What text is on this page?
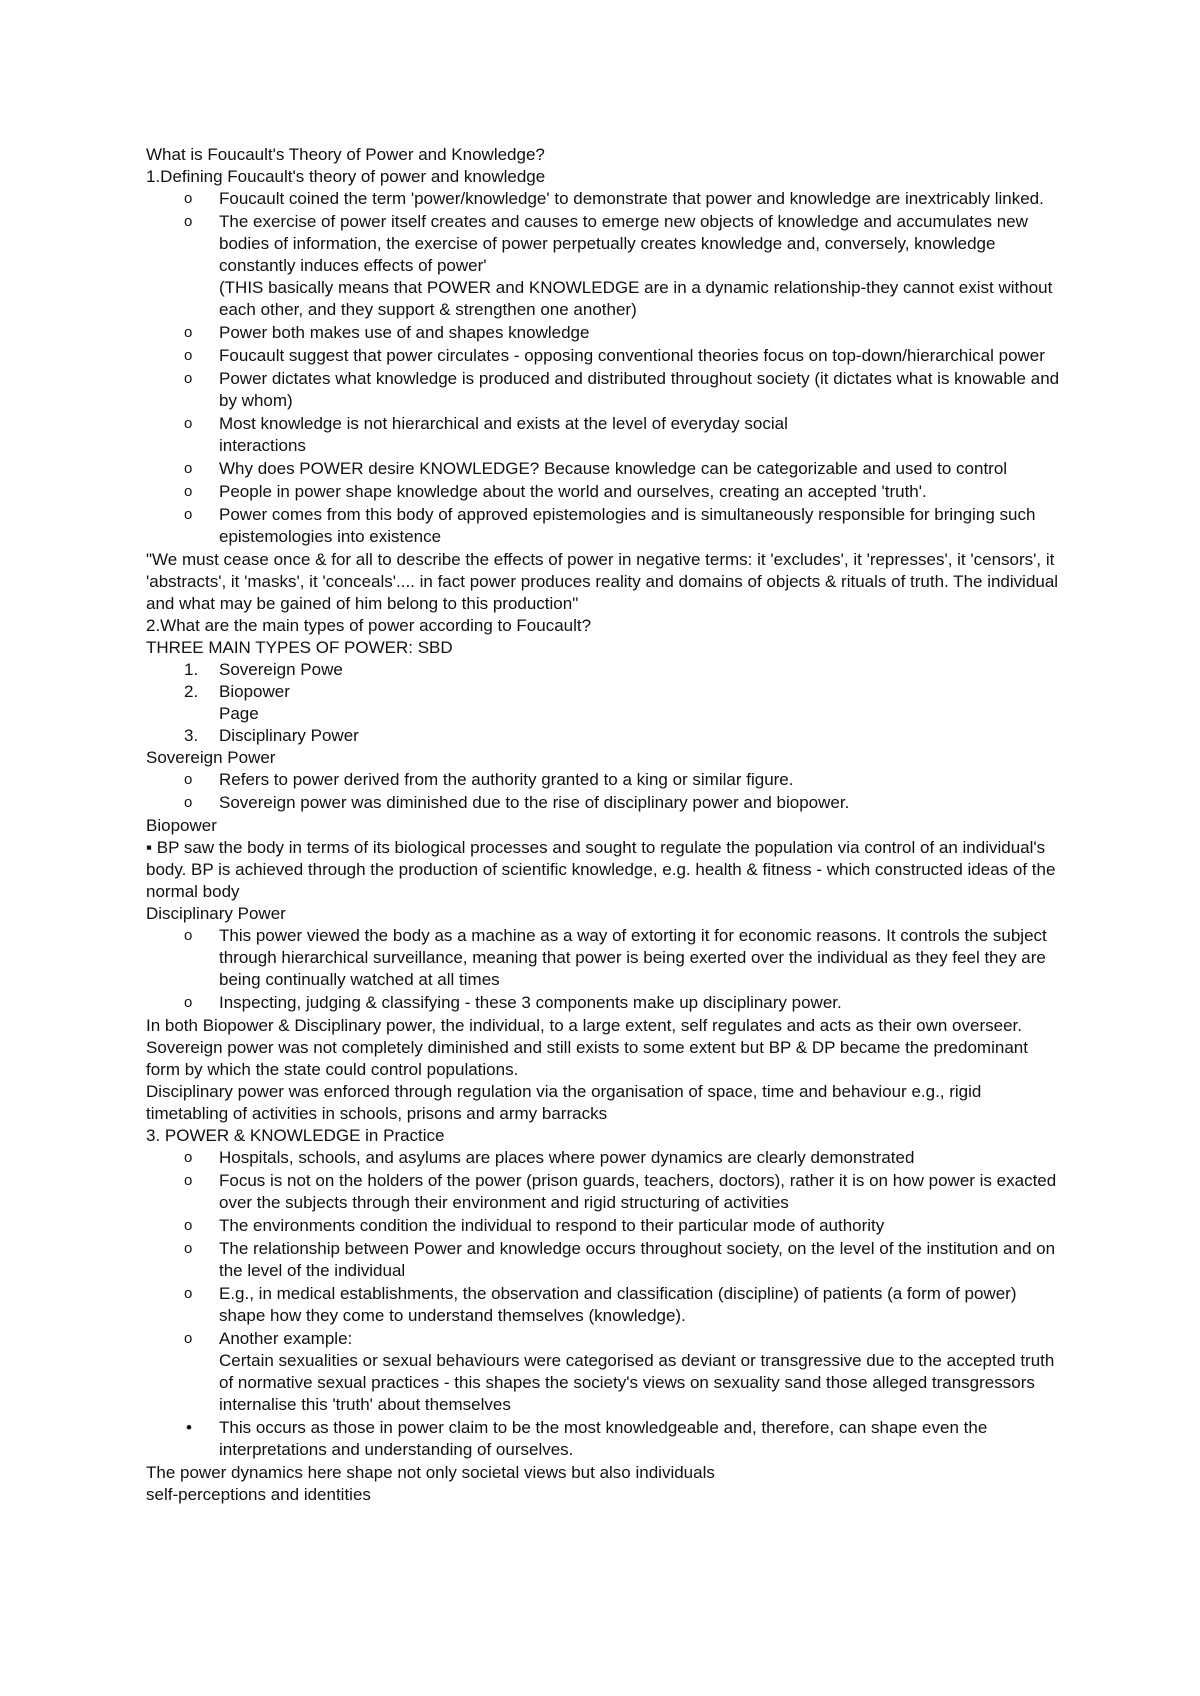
What is Foucault's Theory of Power and Knowledge?

1.Defining Foucault's theory of power and knowledge

o Foucault coined the term 'power/knowledge' to demonstrate that power and knowledge are inextricably linked.
o The exercise of power itself creates and causes to emerge new objects of knowledge and accumulates new bodies of information, the exercise of power perpetually creates knowledge and, conversely, knowledge constantly induces effects of power'
(THIS basically means that POWER and KNOWLEDGE are in a dynamic relationship-they cannot exist without each other, and they support & strengthen one another)
o Power both makes use of and shapes knowledge
o Foucault suggest that power circulates - opposing conventional theories focus on top-down/hierarchical power
o Power dictates what knowledge is produced and distributed throughout society (it dictates what is knowable and by whom)
o Most knowledge is not hierarchical and exists at the level of everyday social
interactions
o Why does POWER desire KNOWLEDGE? Because knowledge can be categorizable and used to control
o People in power shape knowledge about the world and ourselves, creating an accepted 'truth'.
o Power comes from this body of approved epistemologies and is simultaneously responsible for bringing such epistemologies into existence

"We must cease once & for all to describe the effects of power in negative terms: it 'excludes', it 'represses', it 'censors', it 'abstracts', it 'masks', it 'conceals'.... in fact power produces reality and domains of objects & rituals of truth. The individual and what may be gained of him belong to this production"

2.What are the main types of power according to Foucault?

THREE MAIN TYPES OF POWER: SBD

1. Sovereign Powe
2. Biopower
Page
3. Disciplinary Power

Sovereign Power

o Refers to power derived from the authority granted to a king or similar figure.
o Sovereign power was diminished due to the rise of disciplinary power and biopower.

Biopower

▪ BP saw the body in terms of its biological processes and sought to regulate the population via control of an individual's body. BP is achieved through the production of scientific knowledge, e.g. health & fitness - which constructed ideas of the normal body

Disciplinary Power

o This power viewed the body as a machine as a way of extorting it for economic reasons. It controls the subject through hierarchical surveillance, meaning that power is being exerted over the individual as they feel they are being continually watched at all times
o Inspecting, judging & classifying - these 3 components make up disciplinary power.

In both Biopower & Disciplinary power, the individual, to a large extent, self regulates and acts as their own overseer. Sovereign power was not completely diminished and still exists to some extent but BP & DP became the predominant form by which the state could control populations.

Disciplinary power was enforced through regulation via the organisation of space, time and behaviour e.g., rigid timetabling of activities in schools, prisons and army barracks

3. POWER & KNOWLEDGE in Practice

o Hospitals, schools, and asylums are places where power dynamics are clearly demonstrated
o Focus is not on the holders of the power (prison guards, teachers, doctors), rather it is on how power is exacted over the subjects through their environment and rigid structuring of activities
o The environments condition the individual to respond to their particular mode of authority
o The relationship between Power and knowledge occurs throughout society, on the level of the institution and on the level of the individual
o E.g., in medical establishments, the observation and classification (discipline) of patients (a form of power) shape how they come to understand themselves (knowledge).
o Another example:
Certain sexualities or sexual behaviours were categorised as deviant or transgressive due to the accepted truth of normative sexual practices - this shapes the society's views on sexuality sand those alleged transgressors internalise this 'truth' about themselves
• This occurs as those in power claim to be the most knowledgeable and, therefore, can shape even the interpretations and understanding of ourselves.

The power dynamics here shape not only societal views but also individuals

self-perceptions and identities
